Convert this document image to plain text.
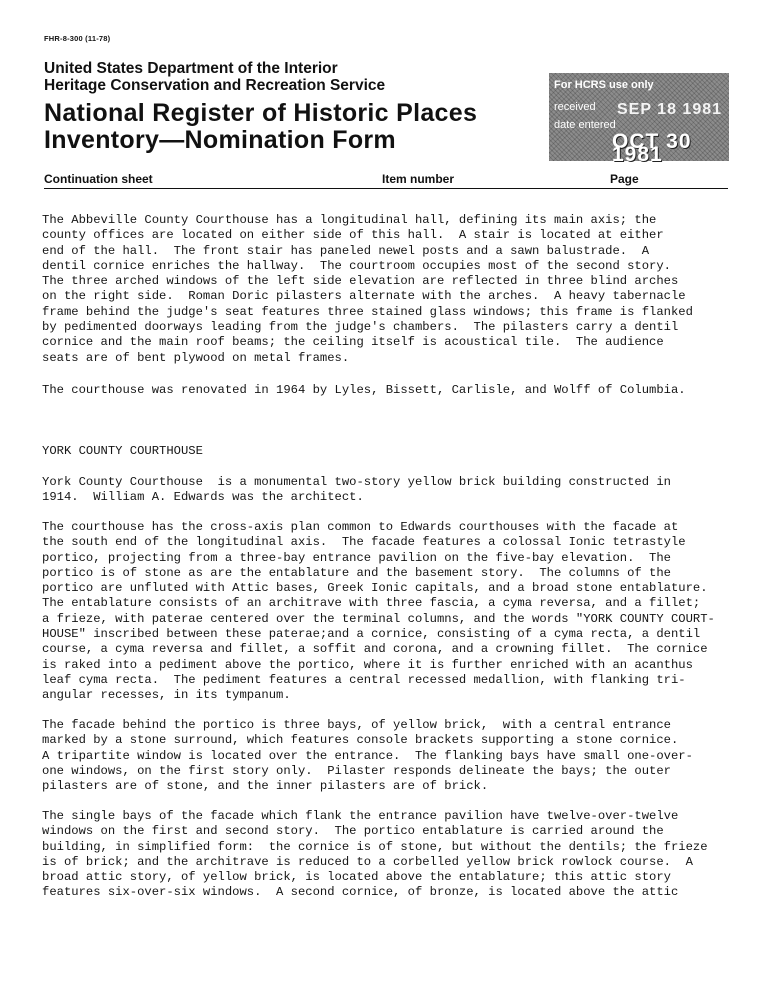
FHR-8-300 (11-78)
United States Department of the Interior
Heritage Conservation and Recreation Service
National Register of Historic Places
Inventory—Nomination Form
For HCRS use only
received
date entered
SEP 18 1981
OCT 30 1981
Continuation sheet	Item number	Page
The Abbeville County Courthouse has a longitudinal hall, defining its main axis; the
county offices are located on either side of this hall.  A stair is located at either
end of the hall.  The front stair has paneled newel posts and a sawn balustrade.  A
dentil cornice enriches the hallway.  The courtroom occupies most of the second story.
The three arched windows of the left side elevation are reflected in three blind arches
on the right side.  Roman Doric pilasters alternate with the arches.  A heavy tabernacle
frame behind the judge's seat features three stained glass windows; this frame is flanked
by pedimented doorways leading from the judge's chambers.  The pilasters carry a dentil
cornice and the main roof beams; the ceiling itself is acoustical tile.  The audience
seats are of bent plywood on metal frames.
The courthouse was renovated in 1964 by Lyles, Bissett, Carlisle, and Wolff of Columbia.
YORK COUNTY COURTHOUSE
York County Courthouse  is a monumental two-story yellow brick building constructed in
1914.  William A. Edwards was the architect.
The courthouse has the cross-axis plan common to Edwards courthouses with the facade at
the south end of the longitudinal axis.  The facade features a colossal Ionic tetrastyle
portico, projecting from a three-bay entrance pavilion on the five-bay elevation.  The
portico is of stone as are the entablature and the basement story.  The columns of the
portico are unfluted with Attic bases, Greek Ionic capitals, and a broad stone entablature.
The entablature consists of an architrave with three fascia, a cyma reversa, and a fillet;
a frieze, with paterae centered over the terminal columns, and the words "YORK COUNTY COURT-
HOUSE" inscribed between these paterae;and a cornice, consisting of a cyma recta, a dentil
course, a cyma reversa and fillet, a soffit and corona, and a crowning fillet.  The cornice
is raked into a pediment above the portico, where it is further enriched with an acanthus
leaf cyma recta.  The pediment features a central recessed medallion, with flanking tri-
angular recesses, in its tympanum.
The facade behind the portico is three bays, of yellow brick,  with a central entrance
marked by a stone surround, which features console brackets supporting a stone cornice.
A tripartite window is located over the entrance.  The flanking bays have small one-over-
one windows, on the first story only.  Pilaster responds delineate the bays; the outer
pilasters are of stone, and the inner pilasters are of brick.
The single bays of the facade which flank the entrance pavilion have twelve-over-twelve
windows on the first and second story.  The portico entablature is carried around the
building, in simplified form:  the cornice is of stone, but without the dentils; the frieze
is of brick; and the architrave is reduced to a corbelled yellow brick rowlock course.  A
broad attic story, of yellow brick, is located above the entablature; this attic story
features six-over-six windows.  A second cornice, of bronze, is located above the attic
